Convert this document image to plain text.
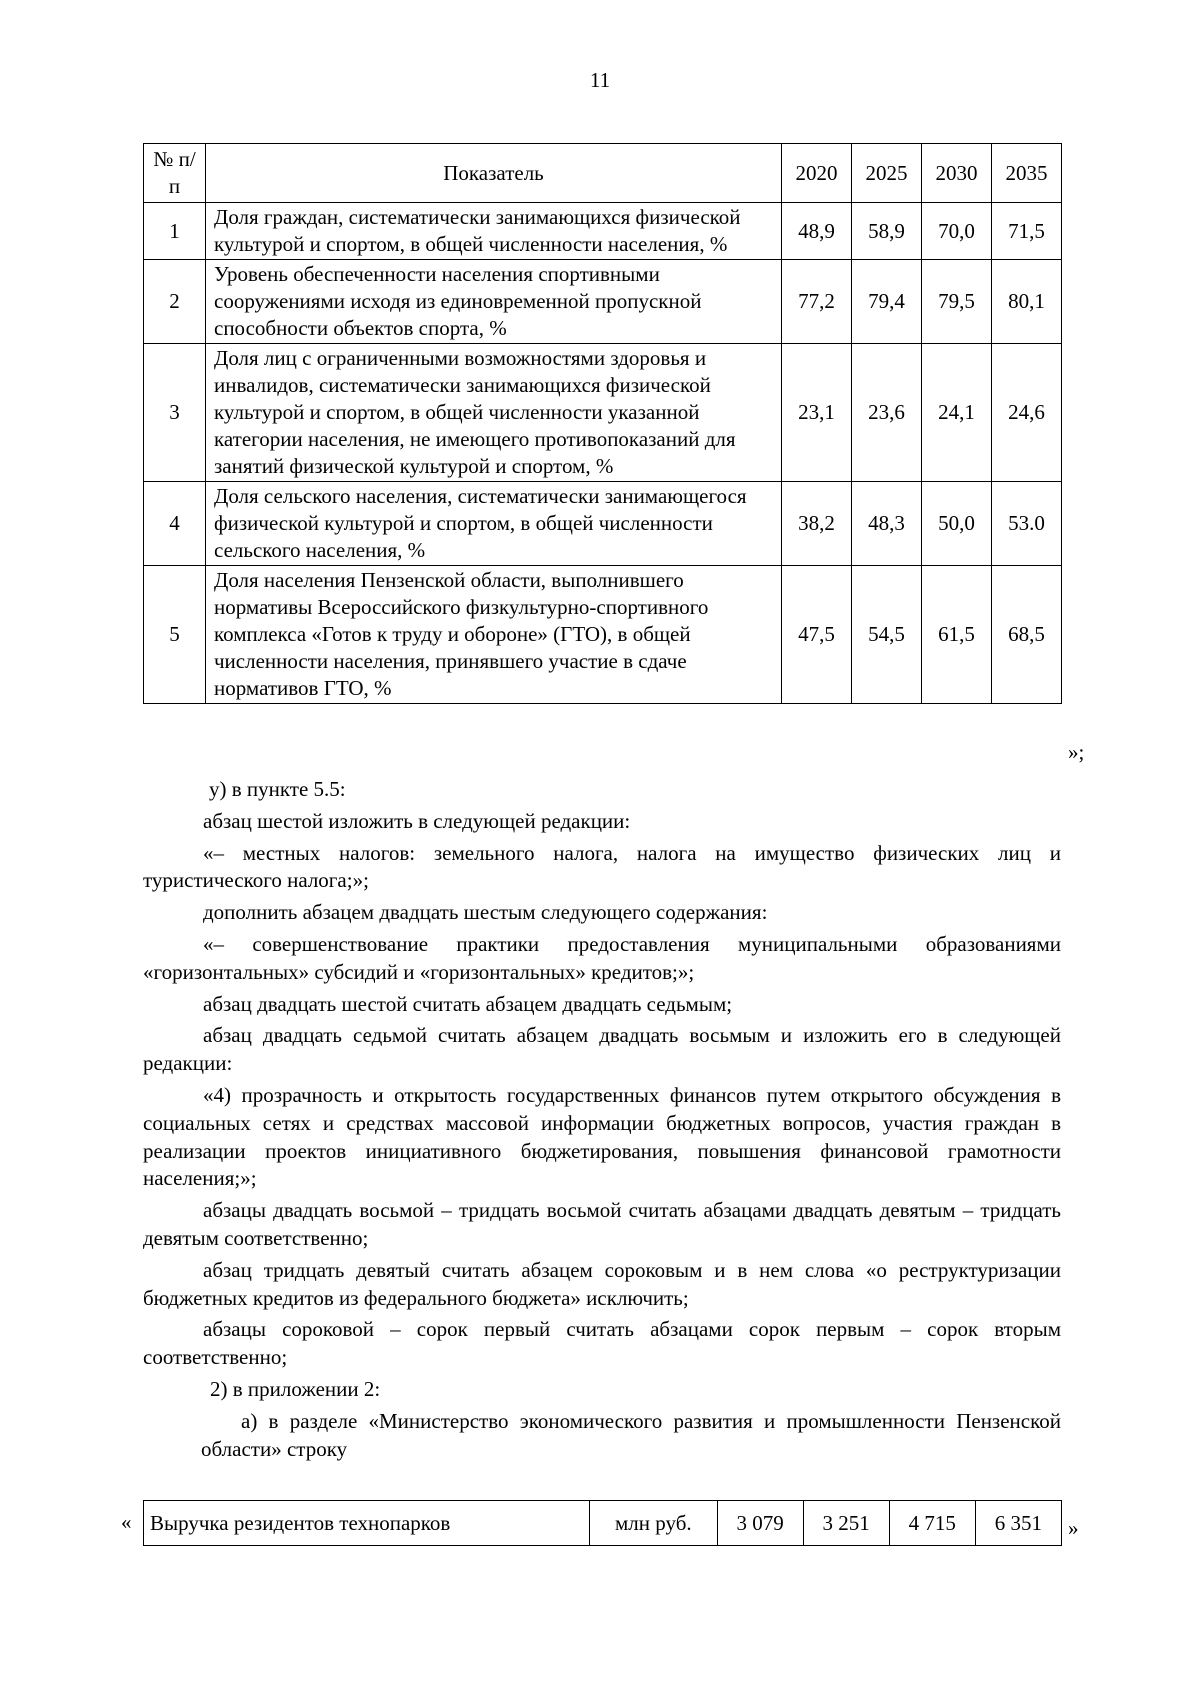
11
№ п/п	Показатель	2020	2025	2030	2035
1	Доля граждан, систематически занимающихся физической культурой и спортом, в общей численности населения, %	48,9	58,9	70,0	71,5
2	Уровень обеспеченности населения спортивными сооружениями исходя из единовременной пропускной способности объектов спорта, %	77,2	79,4	79,5	80,1
3	Доля лиц с ограниченными возможностями здоровья и инвалидов, систематически занимающихся физической культурой и спортом, в общей численности указанной категории населения, не имеющего противопоказаний для занятий физической культурой и спортом, %	23,1	23,6	24,1	24,6
4	Доля сельского населения, систематически занимающегося физической культурой и спортом, в общей численности сельского населения, %	38,2	48,3	50,0	53.0
5	Доля населения Пензенской области, выполнившего нормативы Всероссийского физкультурно-спортивного комплекса «Готов к труду и обороне» (ГТО), в общей численности населения, принявшего участие в сдаче нормативов ГТО, %	47,5	54,5	61,5	68,5
»;

у) в пункте 5.5:

абзац шестой изложить в следующей редакции:

«– местных налогов: земельного налога, налога на имущество физических лиц и туристического налога;»;

дополнить абзацем двадцать шестым следующего содержания:

«– совершенствование практики предоставления муниципальными образованиями «горизонтальных» субсидий и «горизонтальных» кредитов;»;

абзац двадцать шестой считать абзацем двадцать седьмым;

абзац двадцать седьмой считать абзацем двадцать восьмым и изложить его в следующей редакции:

«4) прозрачность и открытость государственных финансов путем открытого обсуждения в социальных сетях и средствах массовой информации бюджетных вопросов, участия граждан в реализации проектов инициативного бюджетирования, повышения финансовой грамотности населения;»;

абзацы двадцать восьмой – тридцать восьмой считать абзацами двадцать девятым – тридцать девятым соответственно;

абзац тридцать девятый считать абзацем сороковым и в нем слова «о реструктуризации бюджетных кредитов из федерального бюджета» исключить;

абзацы сороковой – сорок первый считать абзацами сорок первым – сорок вторым соответственно;

2) в приложении 2:

а) в разделе «Министерство экономического развития и промышленности Пензенской области» строку

« Выручка резидентов технопарков	млн руб.	3 079	3 251	4 715	6 351 »
